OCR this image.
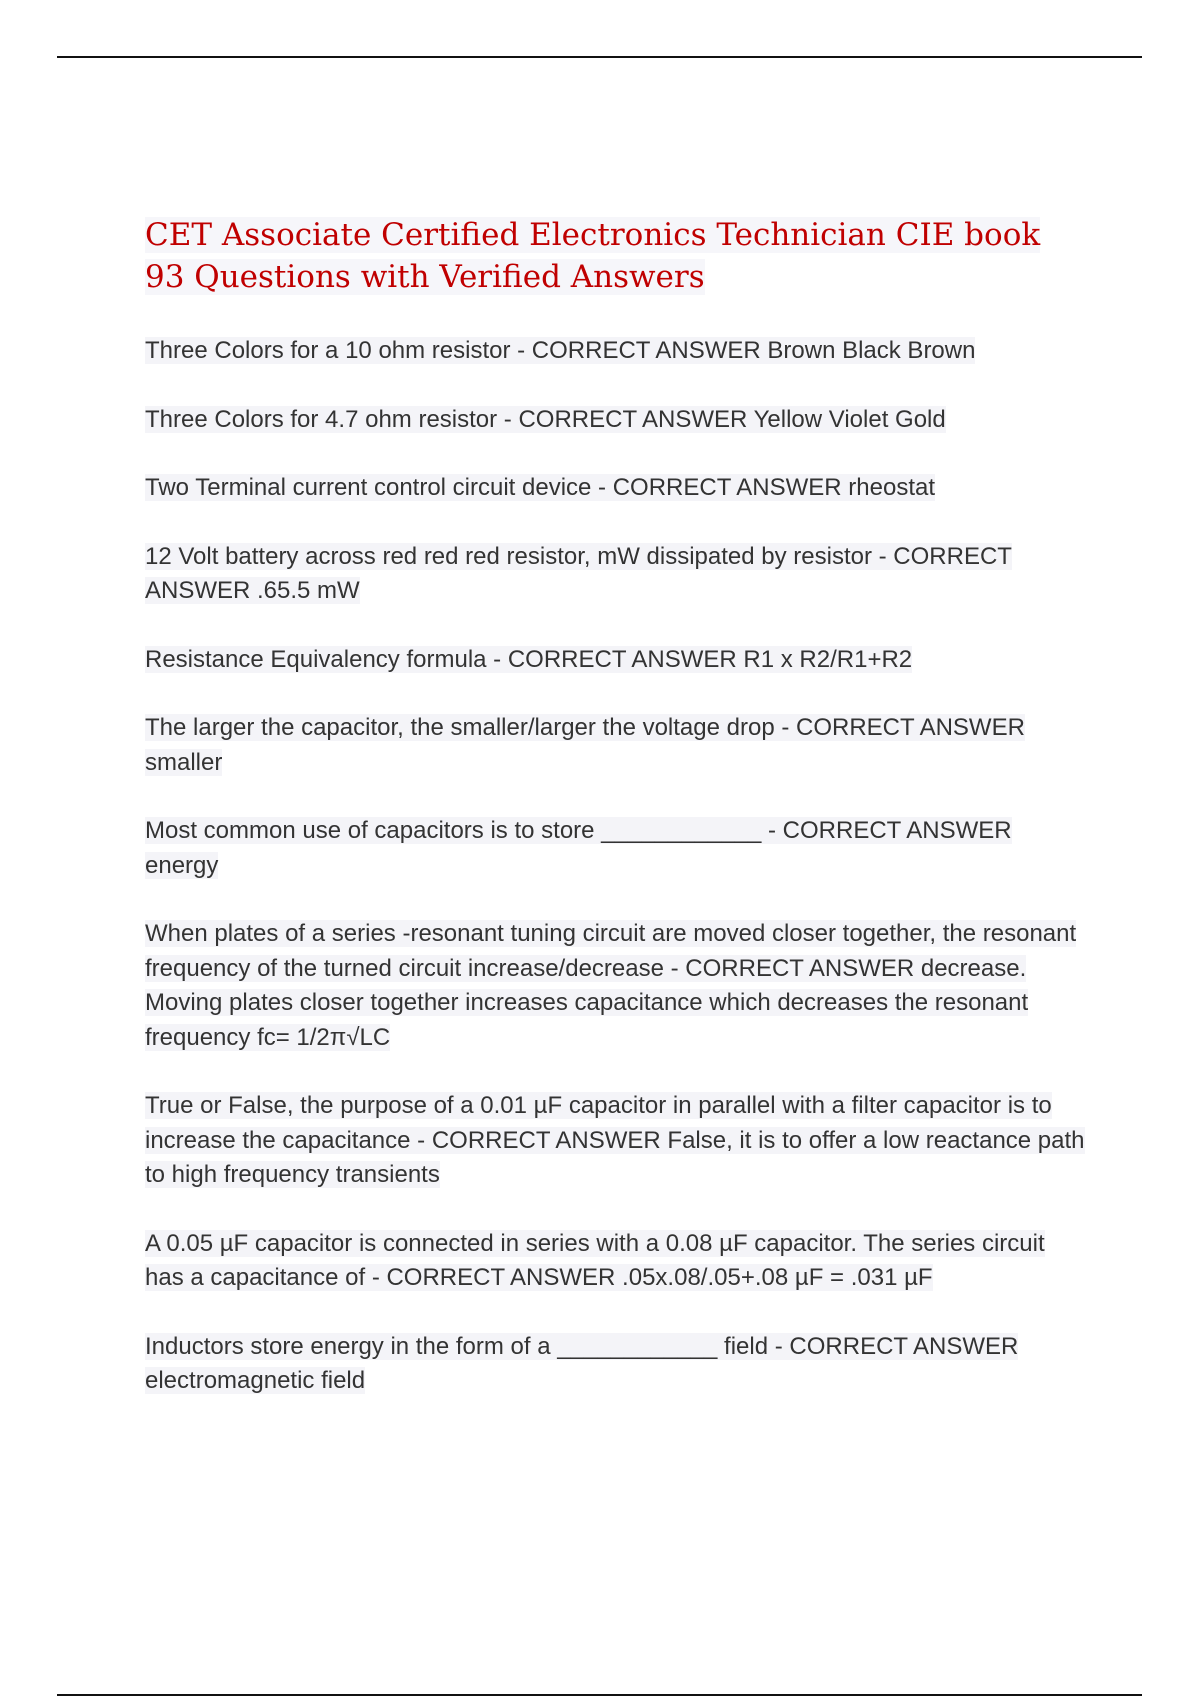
CET Associate Certified Electronics Technician CIE book 93 Questions with Verified Answers
Three Colors for a 10 ohm resistor - CORRECT ANSWER Brown Black Brown
Three Colors for 4.7 ohm resistor - CORRECT ANSWER Yellow Violet Gold
Two Terminal current control circuit device - CORRECT ANSWER rheostat
12 Volt battery across red red red resistor, mW dissipated by resistor - CORRECT ANSWER .65.5 mW
Resistance Equivalency formula - CORRECT ANSWER R1 x R2/R1+R2
The larger the capacitor, the smaller/larger the voltage drop - CORRECT ANSWER smaller
Most common use of capacitors is to store ____________ - CORRECT ANSWER energy
When plates of a series -resonant tuning circuit are moved closer together, the resonant frequency of the turned circuit increase/decrease - CORRECT ANSWER decrease. Moving plates closer together increases capacitance which decreases the resonant frequency fc= 1/2π√LC
True or False, the purpose of a 0.01 µF capacitor in parallel with a filter capacitor is to increase the capacitance - CORRECT ANSWER False, it is to offer a low reactance path to high frequency transients
A 0.05 µF capacitor is connected in series with a 0.08 µF capacitor. The series circuit has a capacitance of - CORRECT ANSWER .05x.08/.05+.08 µF = .031 µF
Inductors store energy in the form of a ____________ field - CORRECT ANSWER electromagnetic field
